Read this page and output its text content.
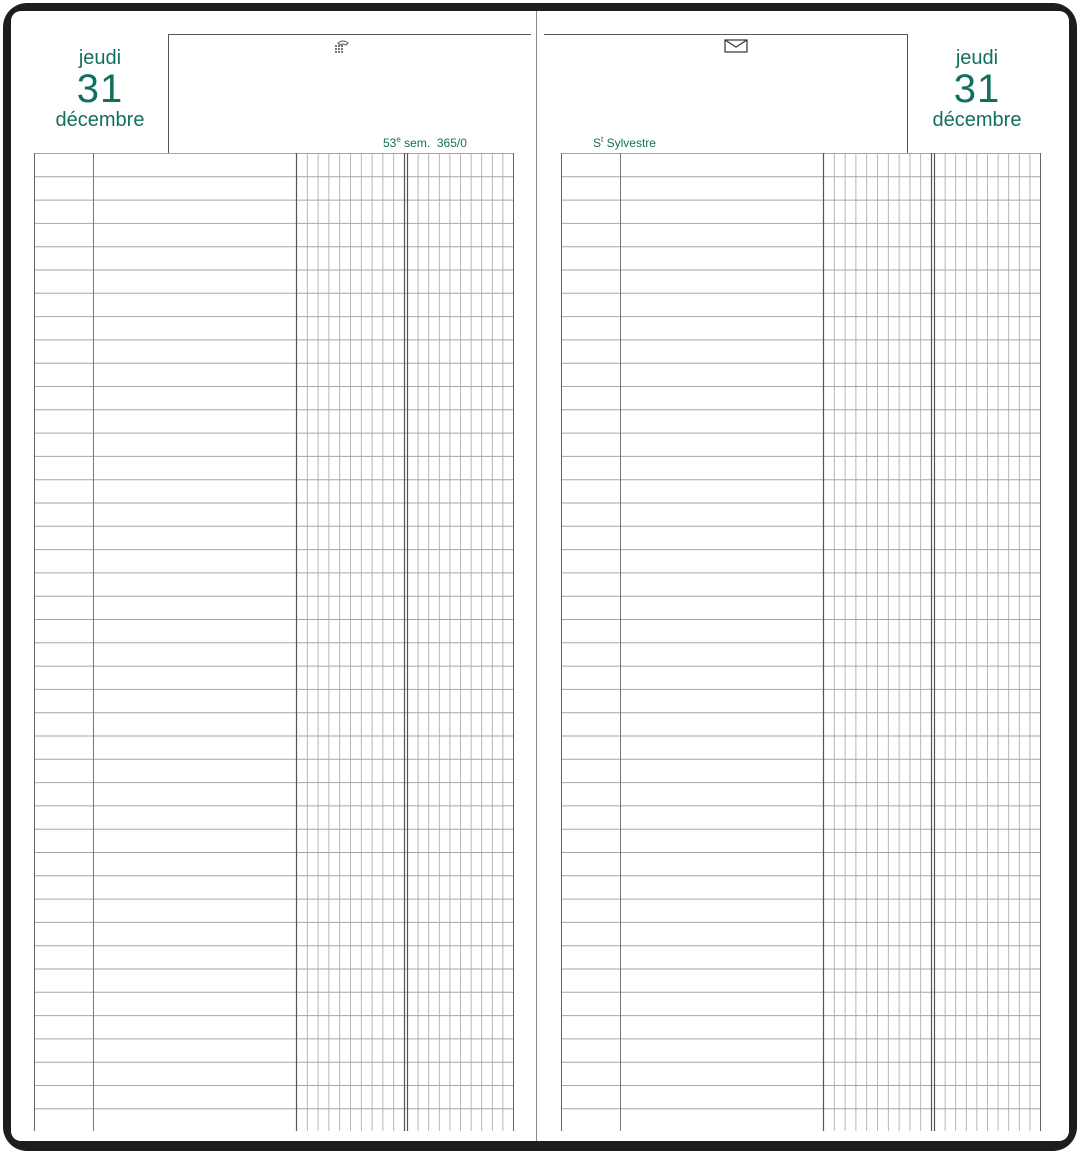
jeudi
31
décembre
53e sem. 365/0	$S^t$ Sylvestre
jeudi
31
décembre
